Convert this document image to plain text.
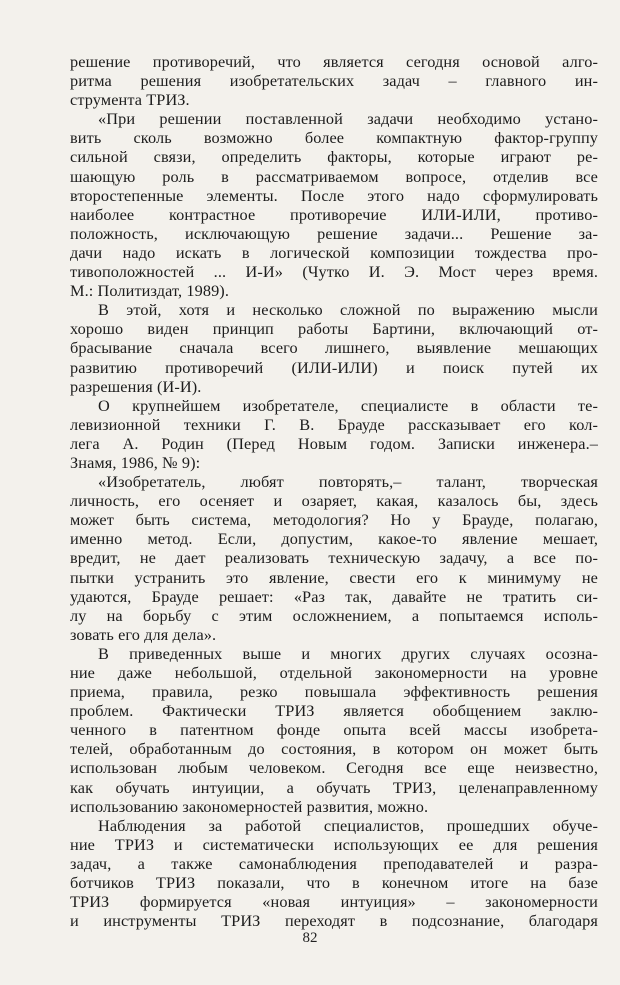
решение противоречий, что является сегодня основой алго-
ритма решения изобретательских задач – главного ин-
струмента ТРИЗ.
«При решении поставленной задачи необходимо устано-
вить сколь возможно более компактную фактор-группу
сильной связи, определить факторы, которые играют ре-
шающую роль в рассматриваемом вопросе, отделив все
второстепенные элементы. После этого надо сформулировать
наиболее контрастное противоречие ИЛИ-ИЛИ, противо-
положность, исключающую решение задачи... Решение за-
дачи надо искать в логической композиции тождества про-
тивоположностей ... И-И» (Чутко И. Э. Мост через время.
М.: Политиздат, 1989).
В этой, хотя и несколько сложной по выражению мысли
хорошо виден принцип работы Бартини, включающий от-
брасывание сначала всего лишнего, выявление мешающих
развитию противоречий (ИЛИ-ИЛИ) и поиск путей их
разрешения (И-И).
О крупнейшем изобретателе, специалисте в области те-
левизионной техники Г. В. Брауде рассказывает его кол-
лега А. Родин (Перед Новым годом. Записки инженера.–
Знамя, 1986, № 9):
«Изобретатель, любят повторять,– талант, творческая
личность, его осеняет и озаряет, какая, казалось бы, здесь
может быть система, методология? Но у Брауде, полагаю,
именно метод. Если, допустим, какое-то явление мешает,
вредит, не дает реализовать техническую задачу, а все по-
пытки устранить это явление, свести его к минимуму не
удаются, Брауде решает: «Раз так, давайте не тратить си-
лу на борьбу с этим осложнением, а попытаемся исполь-
зовать его для дела».
В приведенных выше и многих других случаях осозна-
ние даже небольшой, отдельной закономерности на уровне
приема, правила, резко повышала эффективность решения
проблем. Фактически ТРИЗ является обобщением заклю-
ченного в патентном фонде опыта всей массы изобрета-
телей, обработанным до состояния, в котором он может быть
использован любым человеком. Сегодня все еще неизвестно,
как обучать интуиции, а обучать ТРИЗ, целенаправленному
использованию закономерностей развития, можно.
Наблюдения за работой специалистов, прошедших обуче-
ние ТРИЗ и систематически использующих ее для решения
задач, а также самонаблюдения преподавателей и разра-
ботчиков ТРИЗ показали, что в конечном итоге на базе
ТРИЗ формируется «новая интуиция» – закономерности
и инструменты ТРИЗ переходят в подсознание, благодаря
82
